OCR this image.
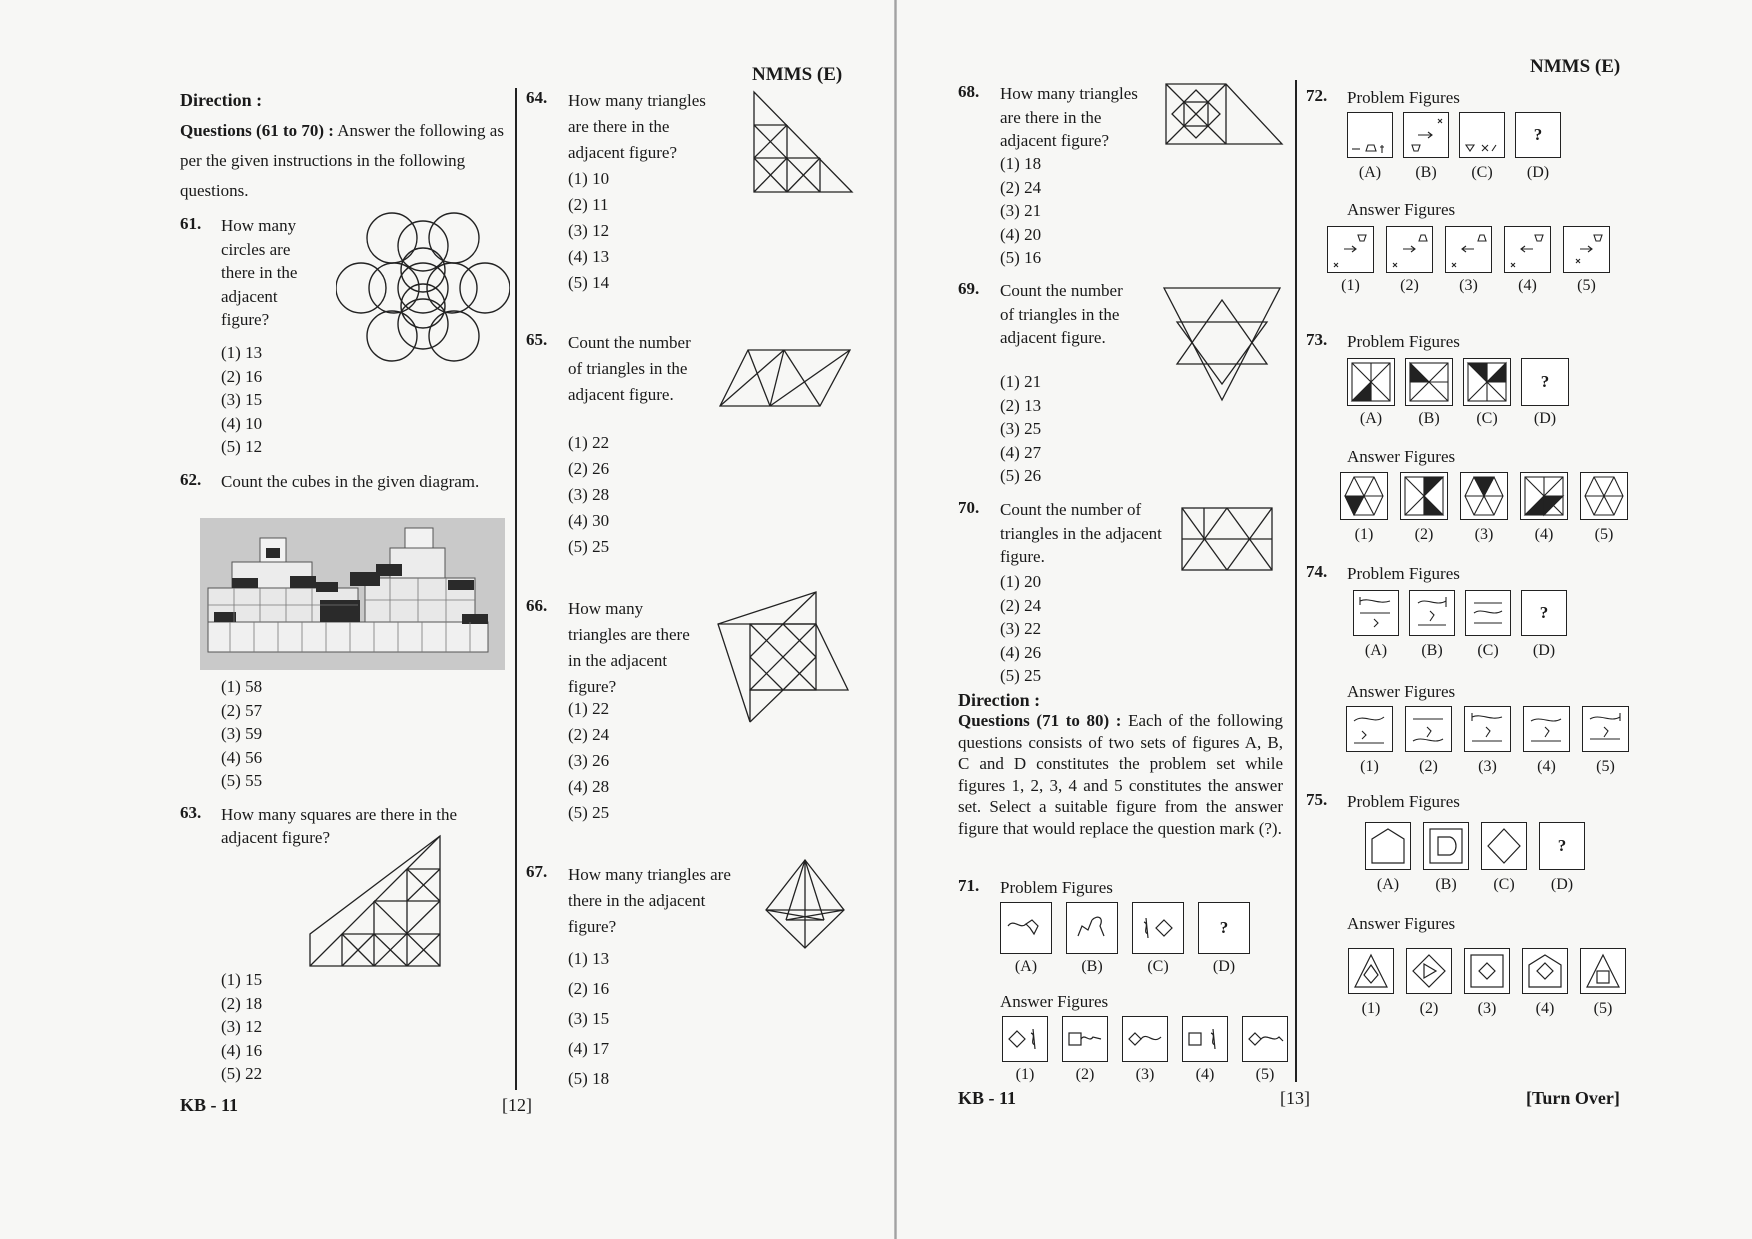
NMMS (E)
Direction :
Questions (61 to 70) : Answer the following as per the given instructions in the following questions.
61. How many circles are there in the adjacent figure?
(1) 13
(2) 16
(3) 15
(4) 10
(5) 12
62. Count the cubes in the given diagram.
(1) 58
(2) 57
(3) 59
(4) 56
(5) 55
63. How many squares are there in the adjacent figure?
(1) 15
(2) 18
(3) 12
(4) 16
(5) 22
64. How many triangles are there in the adjacent figure?
(1) 10
(2) 11
(3) 12
(4) 13
(5) 14
65. Count the number of triangles in the adjacent figure.
(1) 22
(2) 26
(3) 28
(4) 30
(5) 25
66. How many triangles are there in the adjacent figure?
(1) 22
(2) 24
(3) 26
(4) 28
(5) 25
67. How many triangles are there in the adjacent figure?
(1) 13
(2) 16
(3) 15
(4) 17
(5) 18
KB - 11	[12]
NMMS (E)
68. How many triangles are there in the adjacent figure?
(1) 18
(2) 24
(3) 21
(4) 20
(5) 16
69. Count the number of triangles in the adjacent figure.
(1) 21
(2) 13
(3) 25
(4) 27
(5) 26
70. Count the number of triangles in the adjacent figure.
(1) 20
(2) 24
(3) 22
(4) 26
(5) 25
Direction :
Questions (71 to 80) : Each of the following questions consists of two sets of figures A, B, C and D constitutes the problem set while figures 1, 2, 3, 4 and 5 constitutes the answer set. Select a suitable figure from the answer figure that would replace the question mark (?).
71. Problem Figures
?
(A)	(B)	(C)	(D)
Answer Figures
(1)	(2)	(3)	(4)	(5)
72. Problem Figures
?
(A)	(B)	(C)	(D)
Answer Figures
(1)	(2)	(3)	(4)	(5)
73. Problem Figures
?
(A)	(B)	(C)	(D)
Answer Figures
(1)	(2)	(3)	(4)	(5)
74. Problem Figures
?
(A)	(B)	(C)	(D)
Answer Figures
(1)	(2)	(3)	(4)	(5)
75. Problem Figures
?
(A)	(B)	(C)	(D)
Answer Figures
(1)	(2)	(3)	(4)	(5)
KB - 11	[13]	[Turn Over]
